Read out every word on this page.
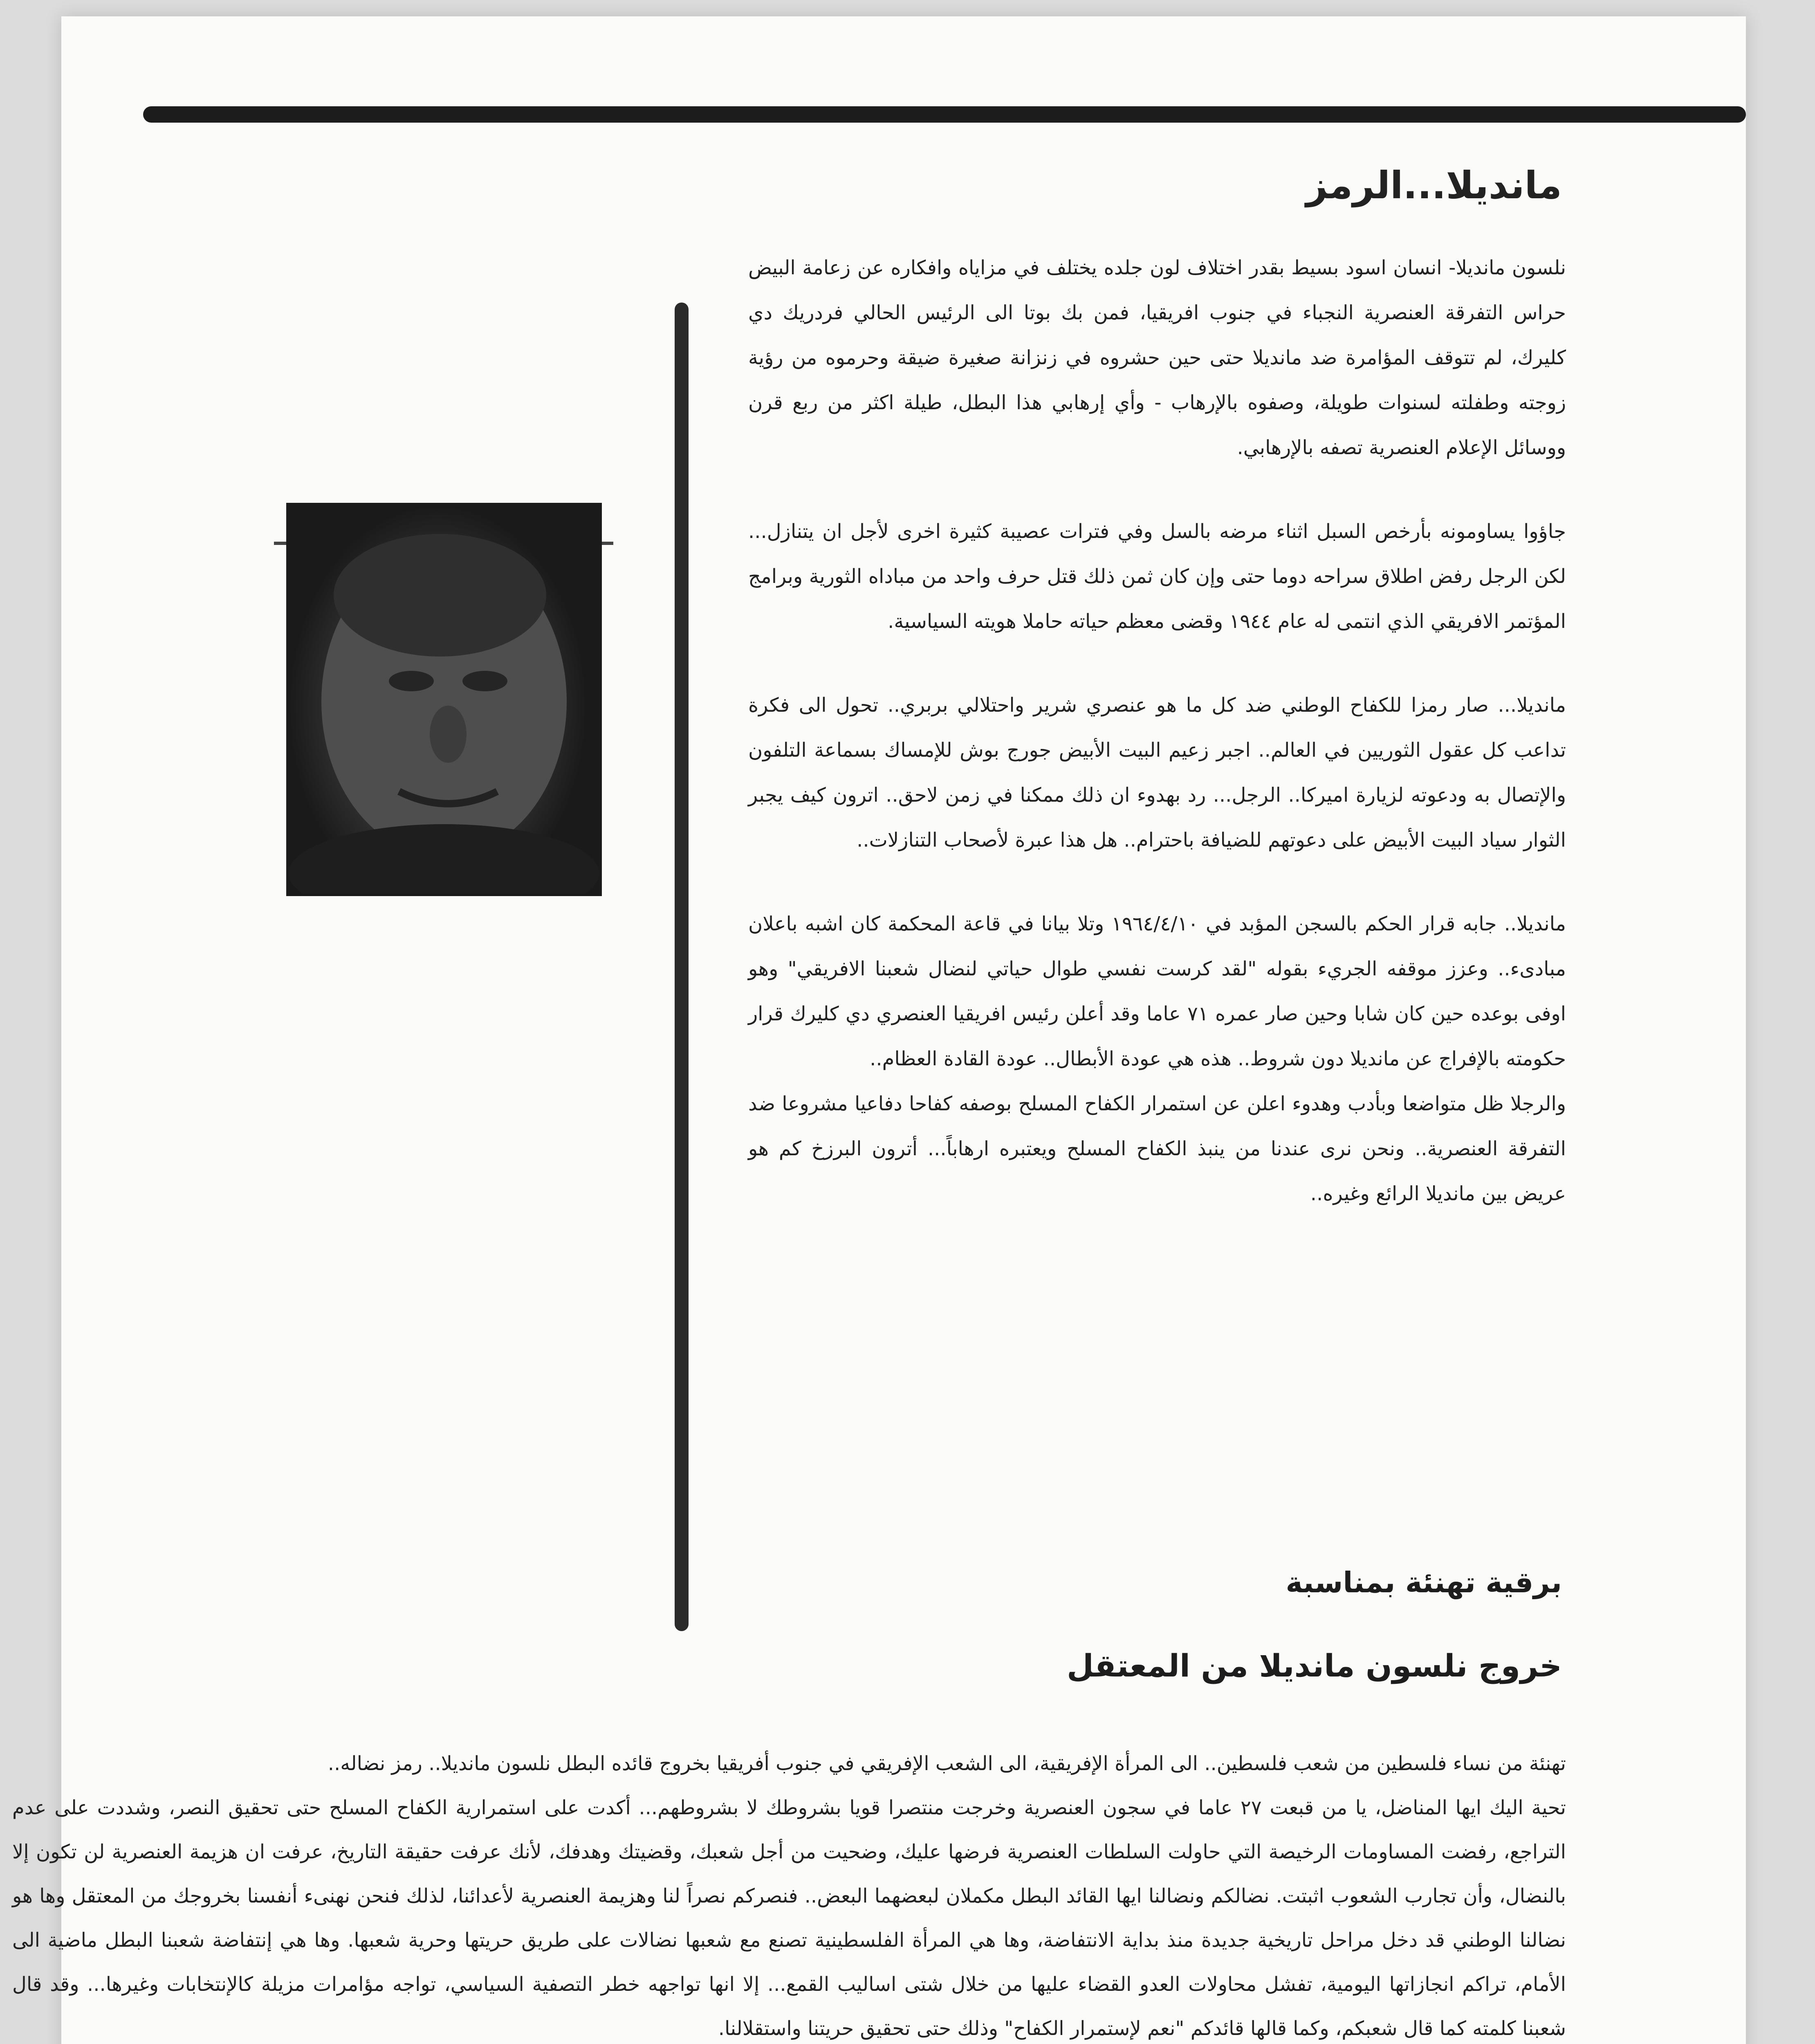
مانديلا...الرمز

نلسون مانديلا- انسان اسود بسيط بقدر اختلاف لون جلده يختلف في مزاياه وافكاره عن زعامة البيض حراس التفرقة العنصرية النجباء في جنوب افريقيا، فمن بك بوتا الى الرئيس الحالي فردريك دي كليرك، لم تتوقف المؤامرة ضد مانديلا حتى حين حشروه في زنزانة صغيرة ضيقة وحرموه من رؤية زوجته وطفلته لسنوات طويلة، وصفوه بالإرهاب - وأي إرهابي هذا البطل، طيلة اكثر من ربع قرن ووسائل الإعلام العنصرية تصفه بالإرهابي.

جاؤوا يساومونه بأرخص السبل اثناء مرضه بالسل وفي فترات عصيبة كثيرة اخرى لأجل ان يتنازل... لكن الرجل رفض اطلاق سراحه دوما حتى وإن كان ثمن ذلك قتل حرف واحد من مباداه الثورية وبرامج المؤتمر الافريقي الذي انتمى له عام ١٩٤٤ وقضى معظم حياته حاملا هويته السياسية.

مانديلا... صار رمزا للكفاح الوطني ضد كل ما هو عنصري شرير واحتلالي بربري.. تحول الى فكرة تداعب كل عقول الثوريين في العالم.. اجبر زعيم البيت الأبيض جورج بوش للإمساك بسماعة التلفون والإتصال به ودعوته لزيارة اميركا.. الرجل... رد بهدوء ان ذلك ممكنا في زمن لاحق.. اترون كيف يجبر الثوار سياد البيت الأبيض على دعوتهم للضيافة باحترام.. هل هذا عبرة لأصحاب التنازلات..

مانديلا.. جابه قرار الحكم بالسجن المؤبد في ١٩٦٤/٤/١٠ وتلا بيانا في قاعة المحكمة كان اشبه باعلان مبادىء.. وعزز موقفه الجريء بقوله "لقد كرست نفسي طوال حياتي لنضال شعبنا الافريقي" وهو اوفى بوعده حين كان شابا وحين صار عمره ٧١ عاما وقد أعلن رئيس افريقيا العنصري دي كليرك قرار حكومته بالإفراج عن مانديلا دون شروط.. هذه هي عودة الأبطال.. عودة القادة العظام..

والرجلا ظل متواضعا وبأدب وهدوء اعلن عن استمرار الكفاح المسلح بوصفه كفاحا دفاعيا مشروعا ضد التفرقة العنصرية.. ونحن نرى عندنا من ينبذ الكفاح المسلح ويعتبره ارهاباً... أترون البرزخ كم هو عريض بين مانديلا الرائع وغيره..

برقية تهنئة بمناسبة
خروج نلسون مانديلا من المعتقل

تهنئة من نساء فلسطين من شعب فلسطين.. الى المرأة الإفريقية، الى الشعب الإفريقي في جنوب أفريقيا بخروج قائده البطل نلسون مانديلا.. رمز نضاله..

تحية اليك ايها المناضل، يا من قبعت ٢٧ عاما في سجون العنصرية وخرجت منتصرا قويا بشروطك لا بشروطهم... أكدت على استمرارية الكفاح المسلح حتى تحقيق النصر، وشددت على عدم التراجع، رفضت المساومات الرخيصة التي حاولت السلطات العنصرية فرضها عليك، وضحيت من أجل شعبك، وقضيتك وهدفك، لأنك عرفت حقيقة التاريخ، عرفت ان هزيمة العنصرية لن تكون إلا بالنضال، وأن تجارب الشعوب اثبتت. نضالكم ونضالنا ايها القائد البطل مكملان لبعضهما البعض.. فنصركم نصراً لنا وهزيمة العنصرية لأعدائنا، لذلك فنحن نهنىء أنفسنا بخروجك من المعتقل وها هو نضالنا الوطني قد دخل مراحل تاريخية جديدة منذ بداية الانتفاضة، وها هي المرأة الفلسطينية تصنع مع شعبها نضالات على طريق حريتها وحرية شعبها. وها هي إنتفاضة شعبنا البطل ماضية الى الأمام، تراكم انجازاتها اليومية، تفشل محاولات العدو القضاء عليها من خلال شتى اساليب القمع... إلا انها تواجهه خطر التصفية السياسي، تواجه مؤامرات مزيلة كالإنتخابات وغيرها... وقد قال شعبنا كلمته كما قال شعبكم، وكما قالها قائدكم "نعم لإستمرار الكفاح" وذلك حتى تحقيق حريتنا واستقلالنا.
